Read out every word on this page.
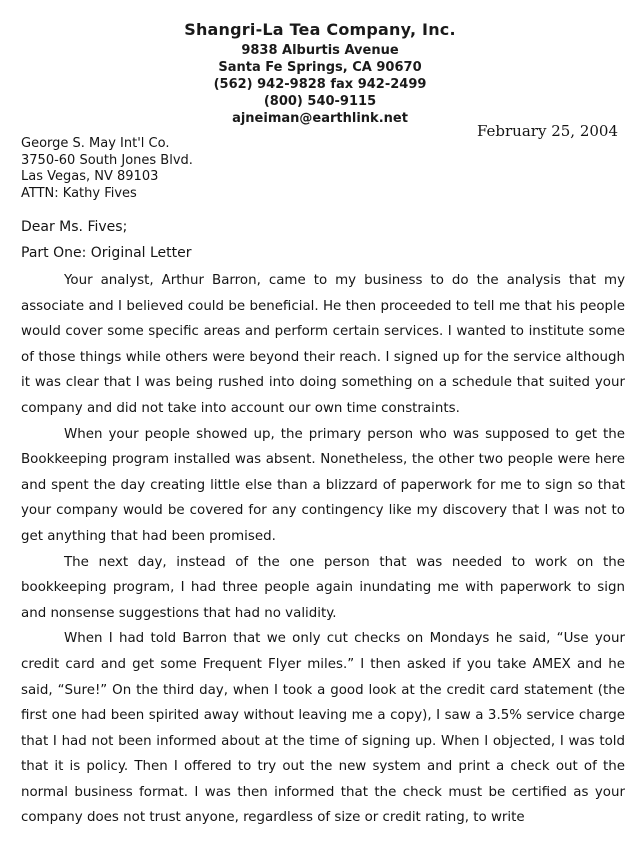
Shangri-La Tea Company, Inc.
9838 Alburtis Avenue
Santa Fe Springs, CA 90670
(562) 942-9828 fax 942-2499
(800) 540-9115
ajneiman@earthlink.net
February 25, 2004
George S. May Int'l Co.
3750-60 South Jones Blvd.
Las Vegas, NV 89103
ATTN: Kathy Fives
Dear Ms. Fives;
Part One: Original Letter

Your analyst, Arthur Barron, came to my business to do the analysis that my associate and I believed could be beneficial. He then proceeded to tell me that his people would cover some specific areas and perform certain services. I wanted to institute some of those things while others were beyond their reach. I signed up for the service although it was clear that I was being rushed into doing something on a schedule that suited your company and did not take into account our own time constraints.

When your people showed up, the primary person who was supposed to get the Bookkeeping program installed was absent. Nonetheless, the other two people were here and spent the day creating little else than a blizzard of paperwork for me to sign so that your company would be covered for any contingency like my discovery that I was not to get anything that had been promised.

The next day, instead of the one person that was needed to work on the bookkeeping program, I had three people again inundating me with paperwork to sign and nonsense suggestions that had no validity.

When I had told Barron that we only cut checks on Mondays he said, “Use your credit card and get some Frequent Flyer miles.” I then asked if you take AMEX and he said, “Sure!” On the third day, when I took a good look at the credit card statement (the first one had been spirited away without leaving me a copy), I saw a 3.5% service charge that I had not been informed about at the time of signing up. When I objected, I was told that it is policy. Then I offered to try out the new system and print a check out of the normal business format. I was then informed that the check must be certified as your company does not trust anyone, regardless of size or credit rating, to write
